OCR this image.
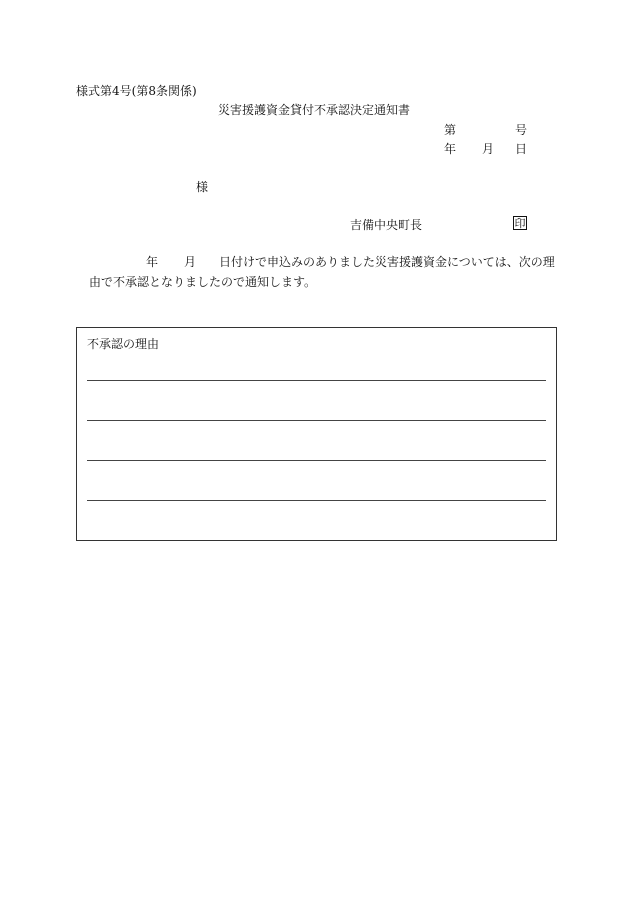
様式第4号(第8条関係)
災害援護資金貸付不承認決定通知書
第	号
年 月 日
様
吉備中央町長	印
年 月 日付けで申込みのありました災害援護資金については、次の理
由で不承認となりましたので通知します。
不承認の理由
